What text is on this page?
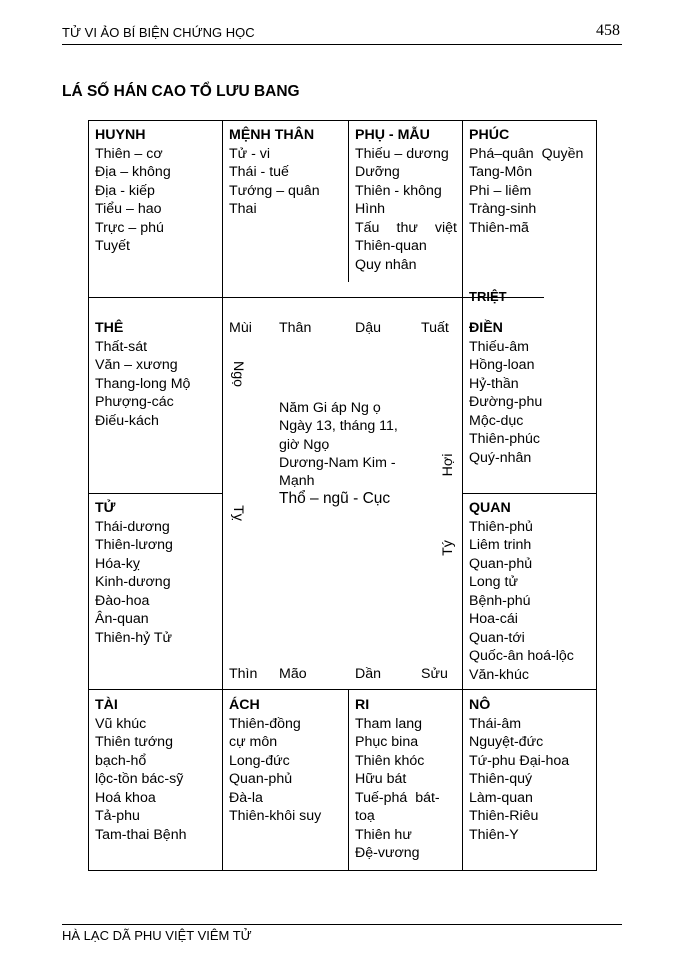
TỬ VI ẢO BÍ BIỆN CHỨNG HỌC	458
LÁ SỐ HÁN CAO TỔ LƯU BANG
HUYNH
Thiên – cơ
Địa – không
Địa - kiếp
Tiểu – hao
Trực – phú
Tuyết
MỆNH THÂN
Tử - vi
Thái - tuế
Tướng – quân
Thai
PHỤ - MẪU
Thiếu – dương
Dưỡng
Thiên - không
Hình
Tấu thư việt
Thiên-quan
Quy nhân
PHÚC
Phá–quân  Quyền
Tang-Môn
Phi – liêm
Tràng-sinh
Thiên-mã
TRIỆT
THÊ
Thất-sát
Văn – xương
Thang-long Mộ
Phượng-các
Điếu-kách
ĐIỀN
Thiếu-âm
Hồng-loan
Hỷ-thần
Đường-phu
Mộc-dục
Thiên-phúc
Quý-nhân
Mùi Thân	Dậu	Tuất
Thìn Mão	Dần	Sửu
Ngọ
Tỵ
Hợi
Tý
Năm Gi áp Ng ọ
Ngày 13, tháng 11,
giờ Ngọ
Dương-Nam Kim -
Mạnh
Thổ – ngũ - Cục
TỬ
Thái-dương
Thiên-lương
Hóa-kỵ
Kinh-dương
Đào-hoa
Ân-quan
Thiên-hỷ Tử
QUAN
Thiên-phủ
Liêm trinh
Quan-phủ
Long tử
Bệnh-phú
Hoa-cái
Quan-tới
Quốc-ân hoá-lộc
Văn-khúc
TÀI
Vũ khúc
Thiên tướng
bạch-hổ
lộc-tồn bác-sỹ
Hoá khoa
Tả-phu
Tam-thai Bệnh
ÁCH
Thiên-đồng
cự môn
Long-đức
Quan-phủ
Đà-la
Thiên-khôi suy
RI
Tham lang
Phục bina
Thiên khóc
Hữu bát
Tuế-phá  bát-
toạ
Thiên hư
Đệ-vương
NÔ
Thái-âm
Nguyệt-đức
Tứ-phu Đại-hoa
Thiên-quý
Làm-quan
Thiên-Riêu
Thiên-Y
HÀ LẠC DÃ PHU VIỆT VIÊM TỬ
